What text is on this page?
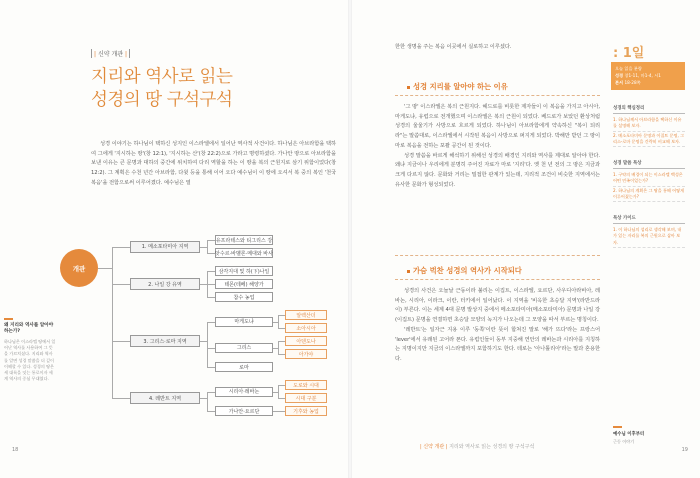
| 신약 개관 |
지리와 역사로 읽는
성경의 땅 구석구석

성경 이야기는 하나님이 택하신 성지인 이스라엘에서 일어난 역사적 사건이다. 하나님은 아브라함을 택하여 그에게 '지시하는 땅'(창 12:1), '지시하는 산'(창 22:2)으로 가라고 명령하셨다. 가나안 땅으로 아브라함을 보낸 이유는 큰 문명과 대하의 중간에 위치하여 다리 역할을 하는 이 땅을 복의 근원지로 삼기 위함이었다(창 12:2). 그 계획은 수천 년간 아브라함, 다윗 등을 통해 이어 오다 예수님이 이 땅에 오셔서 복 중의 복인 '천국 복음'을 전함으로써 이루어졌다. 예수님은 열

개관
1. 메소포타미아 지역
유프라테스와 티그리스 강
앗수르·바벨론·메대와 바사
2. 나일 강 유역
삼각지대 및 하(下)나일
테몬(테베) 해양가
참수 농업
3. 그리스·로마 지역
마게도냐
알렉산더
소아시아
그리스
아덴도나
아가야
로마
4. 레반트 지역
시리아·레바논
도로와 시대
시대 구분
가나안·요르단	기후와 농업
왜 지리와 역사를 알아야 하는가?
하나님은 이스라엘 땅에서 일어난 역사를 사용하여 그 뜻을 가르치셨다. 지리와 역사를 알면 성경 말씀을 더 깊이 이해할 수 있다. 성경의 땅은 세 대륙을 잇는 통로이자 세계 역사의 중심 무대였다.
18
한한 생명을 주는 복음 이곳에서 실로하고 이루셨다.
성경 지리를 알아야 하는 이유

'그 땅' 이스라엘은 복의 근원지다. 헤드로를 비롯한 제자들이 이 복음을 가지고 아시아, 마게도냐, 유럽으로 전개했으며 이스라엘은 복의 근원이 되었다. 베드로가 보았던 환상처럼 성경의 울울기가 사방으로 흐르게 되었다. 하나님이 아브라함에게 약속하신 "복이 되리라"는 말씀대로, 이스라엘에서 시작된 복음이 사방으로 퍼지게 되었다. 박해만 받던 그 땅이 마로 복음을 전하는 포괄 공간이 된 것이다.

성경 말씀을 바르게 해석하기 위해선 성경의 배경인 지리와 역사를 제대로 알아야 한다. 왜냐 지금이나 우리에게 분명히 주어진 자료가 마로 '지리'다. 옛 천 년 전의 그 땅은 지금과 크게 다르지 않다. 문화와 거리는 밀접한 관계가 있는데, 지리적 조건이 비슷한 지역에서는 유사한 문화가 형성되었다.

가슴 벅찬 성경의 역사가 시작되다

성경의 사건은 오늘날 근동이라 불리는 이집트, 이스라엘, 요르단, 사우디아라비아, 레바논, 시리아, 이라크, 이란, 터키에서 일어났다. 이 지역을 '비옥한 초승달 지역'(라반드라이) 부른다. 이는 세계 4대 문명 발상지 중에서 메소포타미아(메소포타미아) 문명과 나일 강(이집트) 문명을 연결하면 초승달 모양의 녹지가 나오는데 그 모양을 따서 부르는 명칭이다.

'레반트'는 일자근 지용 이루 '동쪽'이란 뜻이 합쳐진 말로 '해가 뜨다'라는 프랑스어 'lever'에서 유래된 고어라 폰다. 유럽인들이 동부 지중해 연안의 레바논과 시리아를 지칭하는 지명이지만 지금의 이스라엘까지 포함하기도 한다. 테로는 '아나톨리아'라는 말과 혼용한다.

: 1일
오늘 읽을 분량
성경 창1-11, 마1-4, 시1
본서 18-28쪽
성경의 핵심정리
1. 하나님께서 아브라함을 택하신 이유를 설명해 보자.
2. 메소포타미아 문명과 이집트 문명, 그리스-로마 문명을 간략히 비교해 보자.
성경 말씀 묵상
1. 구약의 배경이 되는 이스라엘 백성은 어떤 민족이었는가?
2. 하나님의 계획은 그 땅을 통해 어떻게 이루어졌는가?
묵상 가이드
1. 이 하나님의 섭리로 생각해 보며, 내가 있는 자리를 복의 근원으로 삼아 보자.
예수님 이후부터
근동 이야기
| 신약 개관 | 지리와 역사로 읽는 성경의 땅 구석구석	19
